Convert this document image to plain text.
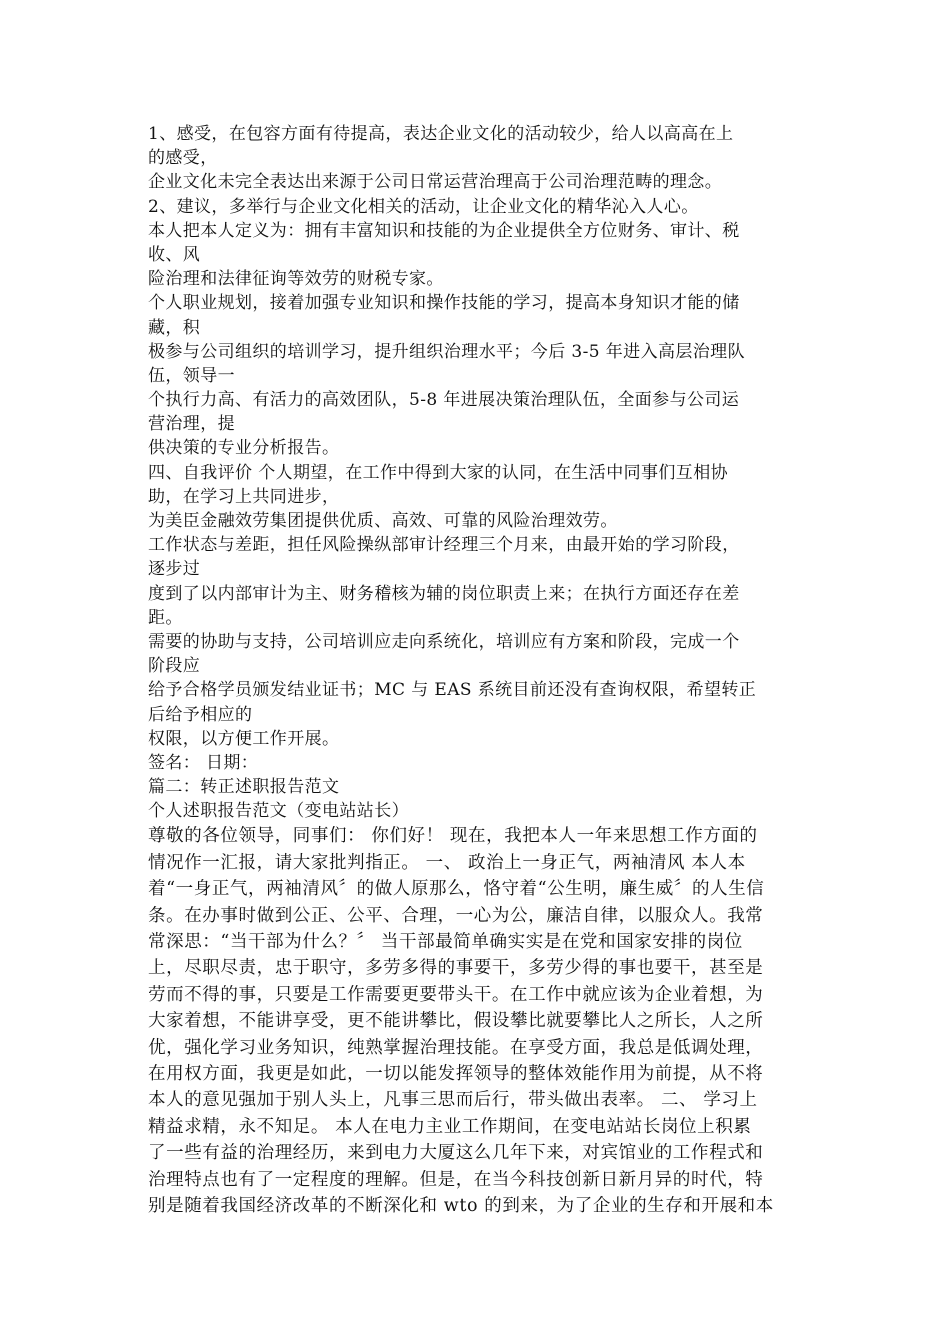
1、感受，在包容方面有待提高，表达企业文化的活动较少，给人以高高在上
的感受，
企业文化未完全表达出来源于公司日常运营治理高于公司治理范畴的理念。
2、建议，多举行与企业文化相关的活动，让企业文化的精华沁入人心。
本人把本人定义为：拥有丰富知识和技能的为企业提供全方位财务、审计、税
收、风
险治理和法律征询等效劳的财税专家。
个人职业规划，接着加强专业知识和操作技能的学习，提高本身知识才能的储
藏，积
极参与公司组织的培训学习，提升组织治理水平；今后 3-5 年进入高层治理队
伍，领导一
个执行力高、有活力的高效团队，5-8 年进展决策治理队伍，全面参与公司运
营治理，提
供决策的专业分析报告。
四、自我评价 个人期望，在工作中得到大家的认同，在生活中同事们互相协
助，在学习上共同进步，
为美臣金融效劳集团提供优质、高效、可靠的风险治理效劳。
工作状态与差距，担任风险操纵部审计经理三个月来，由最开始的学习阶段，
逐步过
度到了以内部审计为主、财务稽核为辅的岗位职责上来；在执行方面还存在差
距。
需要的协助与支持，公司培训应走向系统化，培训应有方案和阶段，完成一个
阶段应
给予合格学员颁发结业证书；MC 与 EAS 系统目前还没有查询权限，希望转正
后给予相应的
权限，以方便工作开展。
签名： 日期：
篇二：转正述职报告范文
个人述职报告范文（变电站站长）
尊敬的各位领导，同事们： 你们好！ 现在，我把本人一年来思想工作方面的
情况作一汇报，请大家批判指正。 一、 政治上一身正气，两袖清风 本人本
着“一身正气，两袖清风〞的做人原那么，恪守着“公生明，廉生威〞的人生信
条。在办事时做到公正、公平、合理，一心为公，廉洁自律，以服众人。我常
常深思：“当干部为什么？〞 当干部最简单确实实是在党和国家安排的岗位
上，尽职尽责，忠于职守，多劳多得的事要干，多劳少得的事也要干，甚至是
劳而不得的事，只要是工作需要更要带头干。在工作中就应该为企业着想，为
大家着想，不能讲享受，更不能讲攀比，假设攀比就要攀比人之所长，人之所
优，强化学习业务知识，纯熟掌握治理技能。在享受方面，我总是低调处理，
在用权方面，我更是如此，一切以能发挥领导的整体效能作用为前提，从不将
本人的意见强加于别人头上，凡事三思而后行，带头做出表率。 二、 学习上
精益求精，永不知足。 本人在电力主业工作期间，在变电站站长岗位上积累
了一些有益的治理经历，来到电力大厦这么几年下来，对宾馆业的工作程式和
治理特点也有了一定程度的理解。但是，在当今科技创新日新月异的时代，特
别是随着我国经济改革的不断深化和 wto 的到来，为了企业的生存和开展和本
